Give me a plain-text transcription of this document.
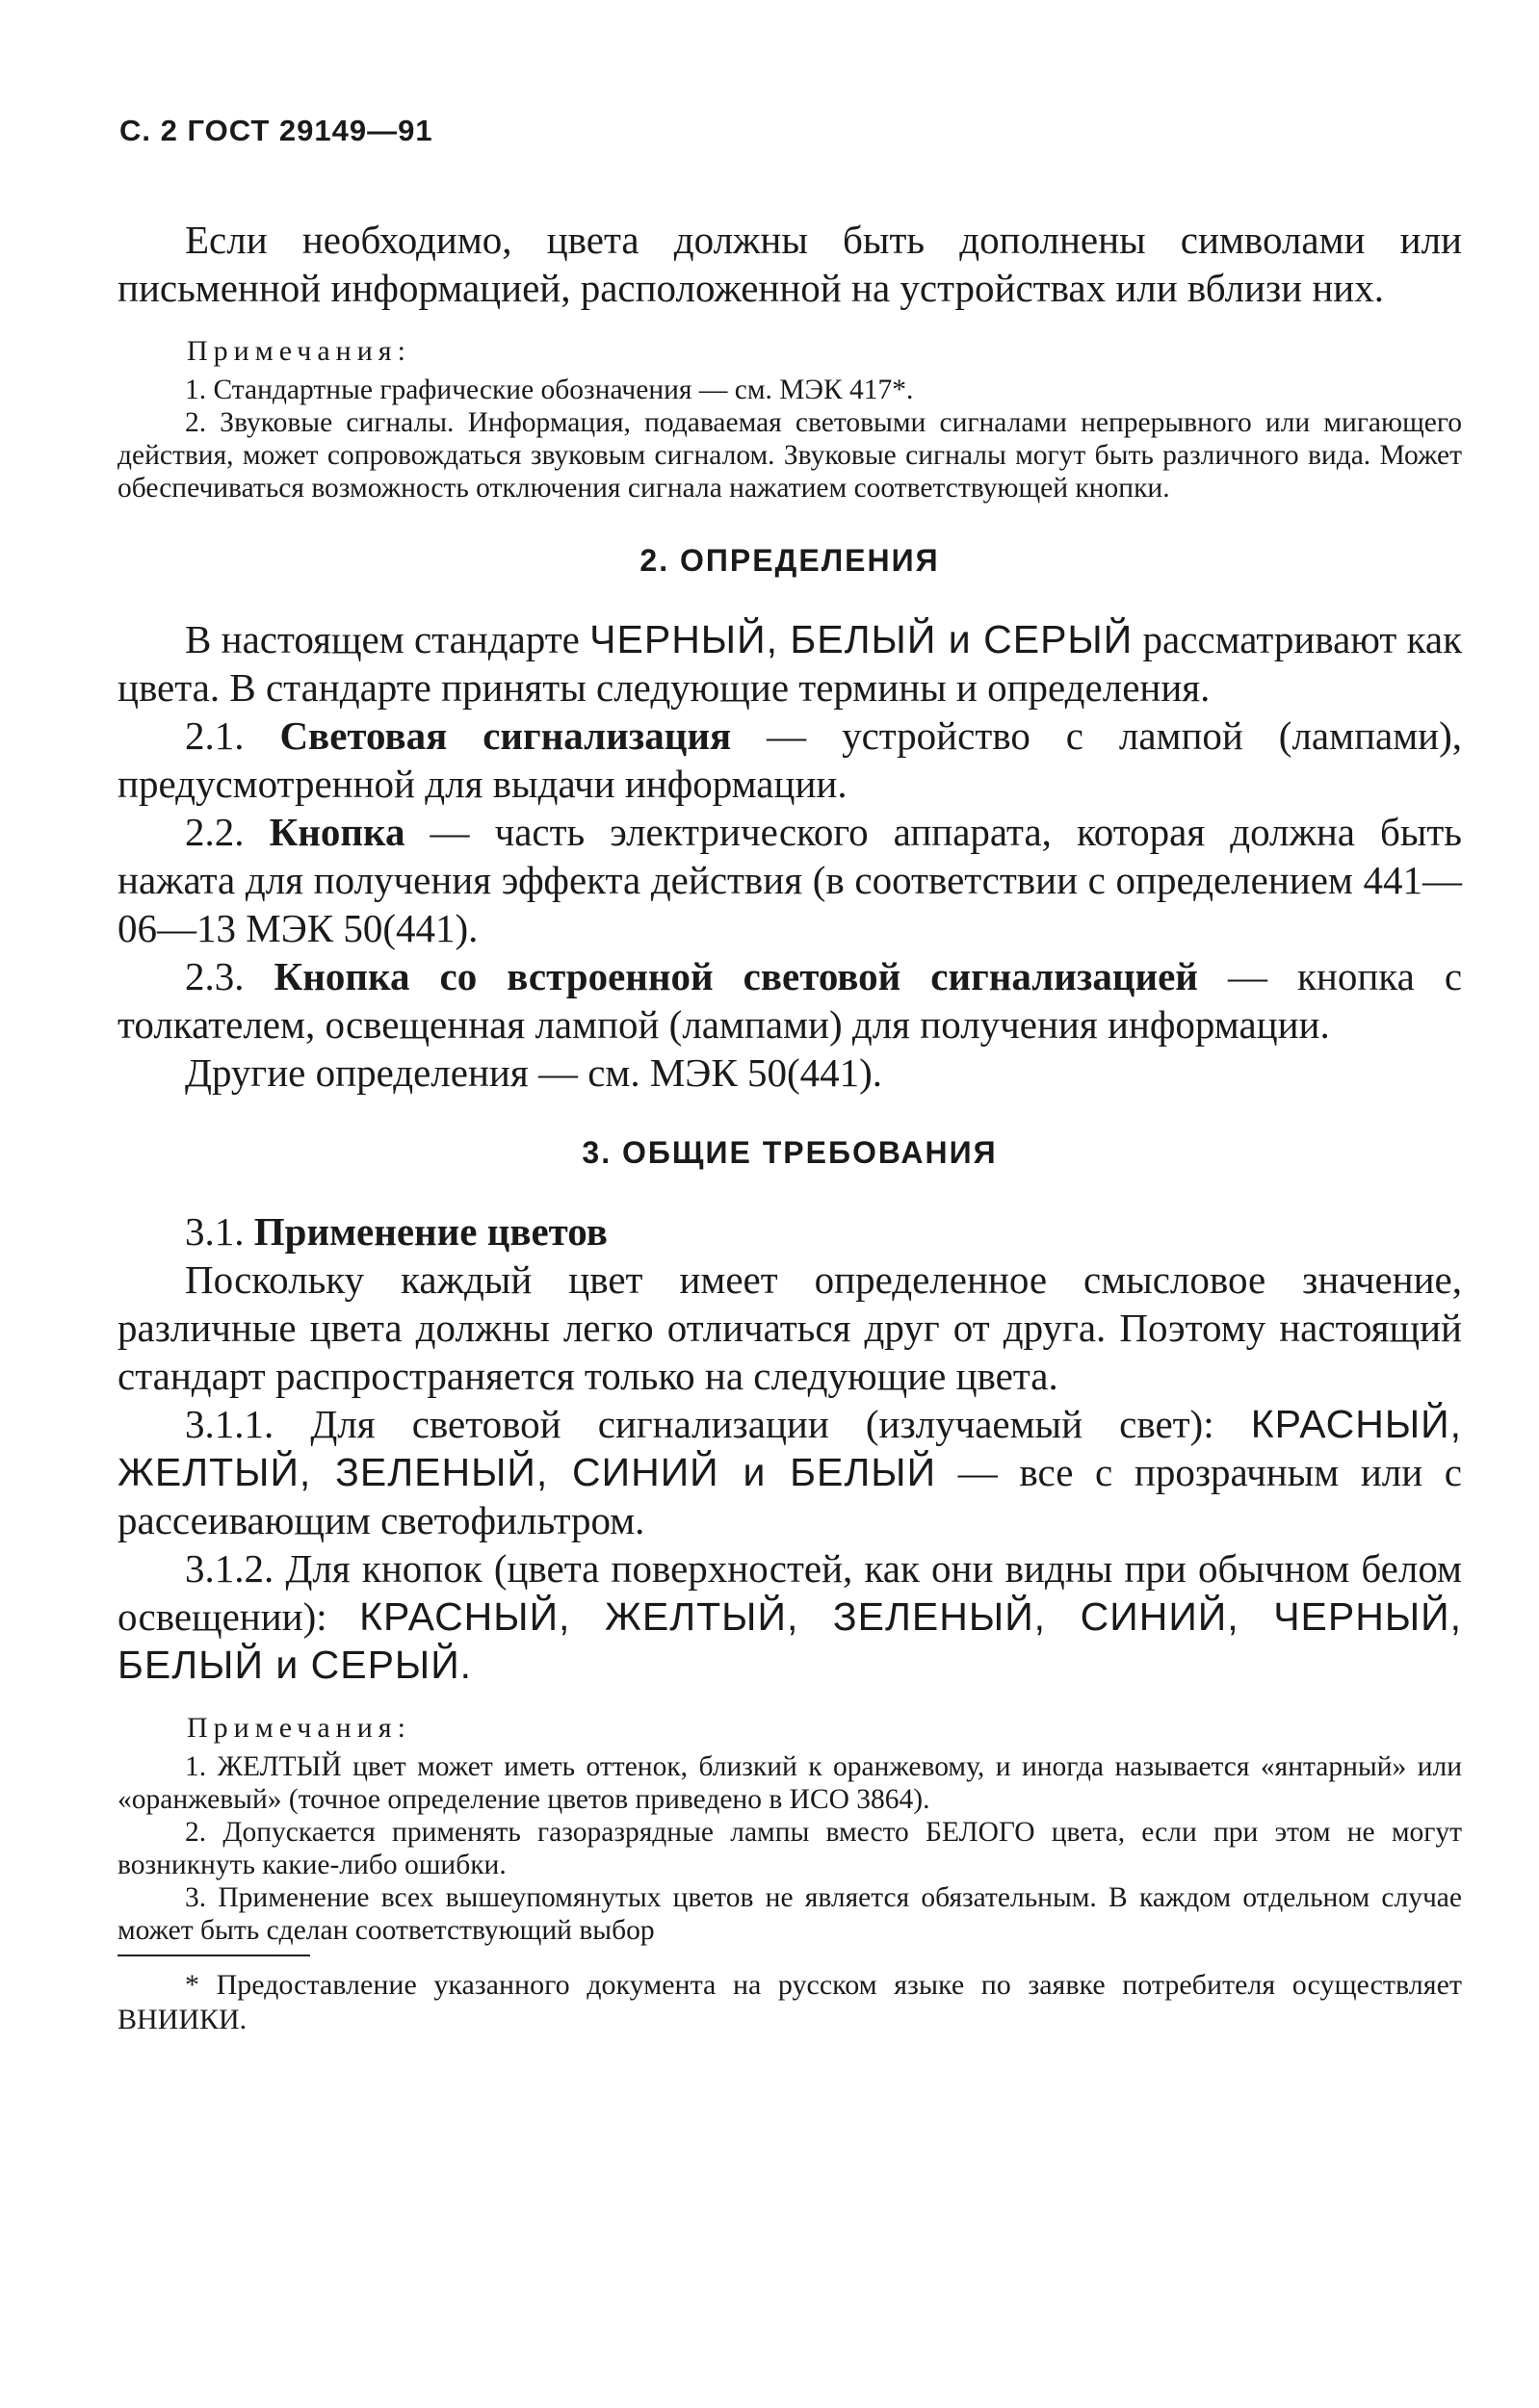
С. 2 ГОСТ 29149—91

Если необходимо, цвета должны быть дополнены символами или письменной информацией, расположенной на устройствах или вблизи них.

Примечания:

1. Стандартные графические обозначения — см. МЭК 417*.

2. Звуковые сигналы. Информация, подаваемая световыми сигналами непрерывного или мигающего действия, может сопровождаться звуковым сигналом. Звуковые сигналы могут быть различного вида. Может обеспечиваться возможность отключения сигнала нажатием соответствующей кнопки.

2. ОПРЕДЕЛЕНИЯ

В настоящем стандарте ЧЕРНЫЙ, БЕЛЫЙ и СЕРЫЙ рассматривают как цвета. В стандарте приняты следующие термины и определения.

2.1. Световая сигнализация — устройство с лампой (лампами), предусмотренной для выдачи информации.

2.2. Кнопка — часть электрического аппарата, которая должна быть нажата для получения эффекта действия (в соответствии с определением 441—06—13 МЭК 50(441).

2.3. Кнопка со встроенной световой сигнализацией — кнопка с толкателем, освещенная лампой (лампами) для получения информации.

Другие определения — см. МЭК 50(441).

3. ОБЩИЕ ТРЕБОВАНИЯ

3.1. Применение цветов

Поскольку каждый цвет имеет определенное смысловое значение, различные цвета должны легко отличаться друг от друга. Поэтому настоящий стандарт распространяется только на следующие цвета.

3.1.1. Для световой сигнализации (излучаемый свет): КРАСНЫЙ, ЖЕЛТЫЙ, ЗЕЛЕНЫЙ, СИНИЙ и БЕЛЫЙ — все с прозрачным или с рассеивающим светофильтром.

3.1.2. Для кнопок (цвета поверхностей, как они видны при обычном белом освещении): КРАСНЫЙ, ЖЕЛТЫЙ, ЗЕЛЕНЫЙ, СИНИЙ, ЧЕРНЫЙ, БЕЛЫЙ и СЕРЫЙ.

Примечания:

1. ЖЕЛТЫЙ цвет может иметь оттенок, близкий к оранжевому, и иногда называется «янтарный» или «оранжевый» (точное определение цветов приведено в ИСО 3864).

2. Допускается применять газоразрядные лампы вместо БЕЛОГО цвета, если при этом не могут возникнуть какие-либо ошибки.

3. Применение всех вышеупомянутых цветов не является обязательным. В каждом отдельном случае может быть сделан соответствующий выбор

* Предоставление указанного документа на русском языке по заявке потребителя осуществляет ВНИИКИ.
